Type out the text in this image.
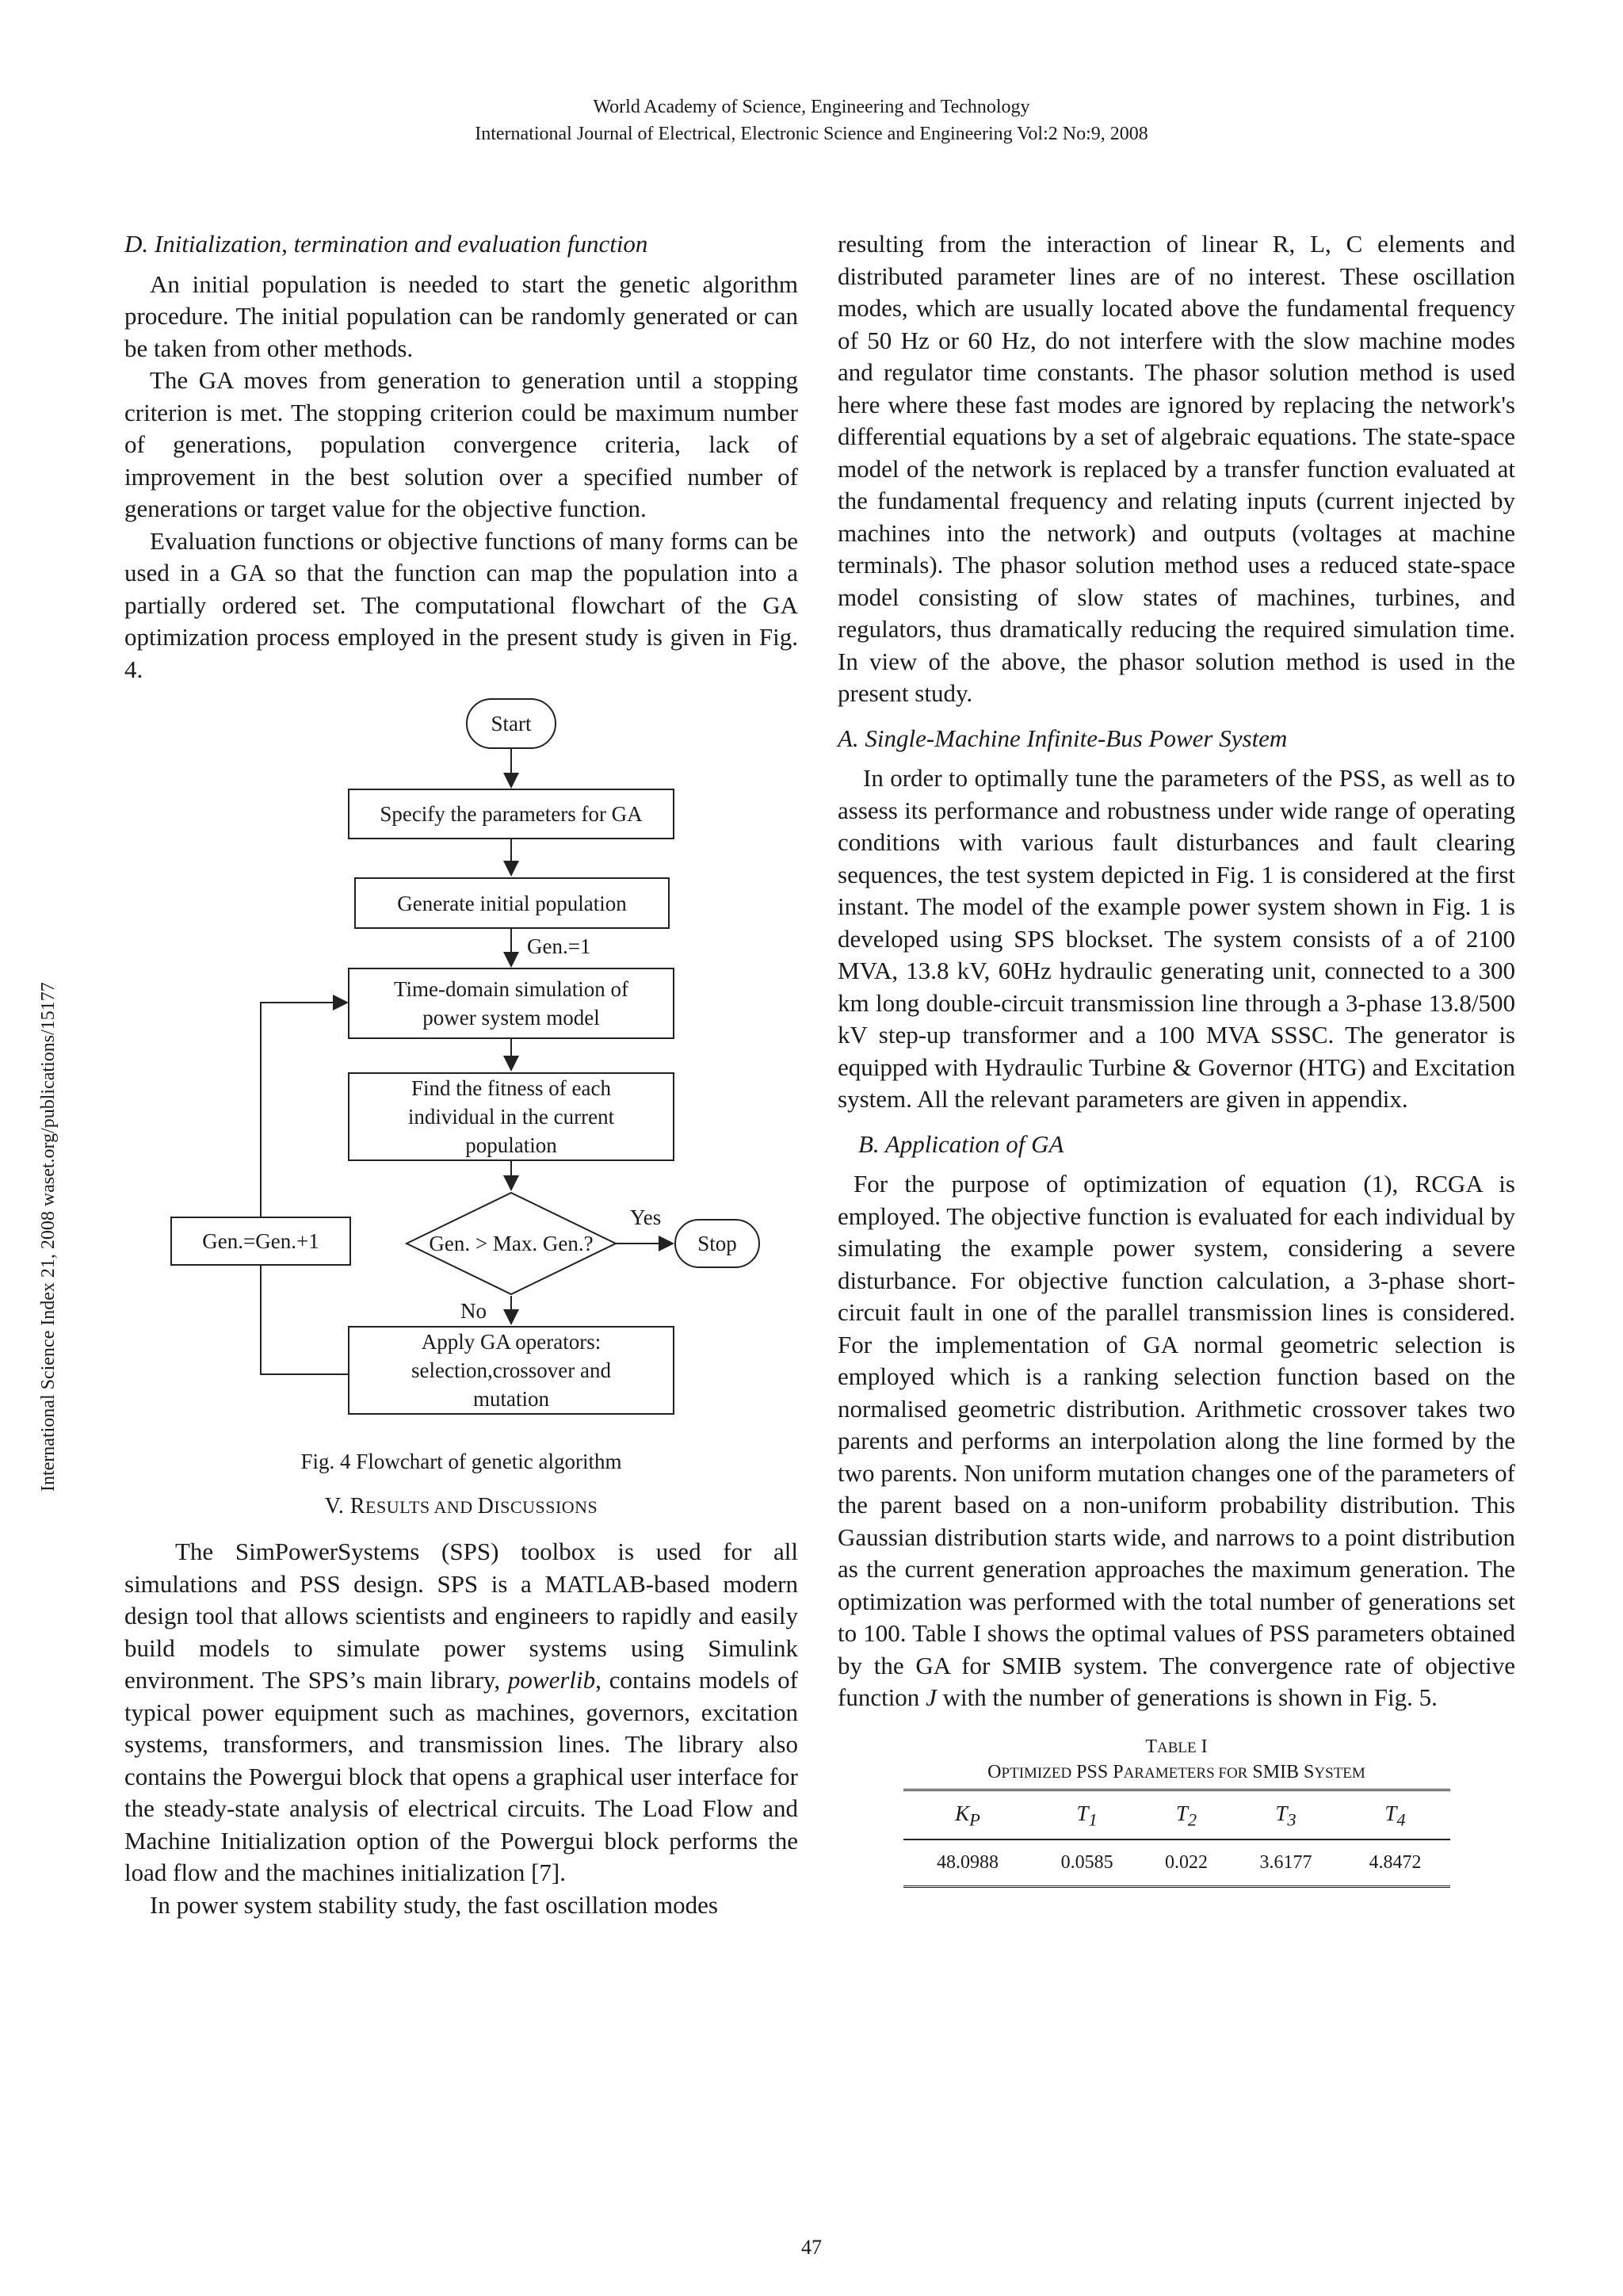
World Academy of Science, Engineering and Technology
International Journal of Electrical, Electronic Science and Engineering Vol:2 No:9, 2008
International Science Index 21, 2008 waset.org/publications/15177

D. Initialization, termination and evaluation function

An initial population is needed to start the genetic algorithm procedure. The initial population can be randomly generated or can be taken from other methods.

The GA moves from generation to generation until a stopping criterion is met. The stopping criterion could be maximum number of generations, population convergence criteria, lack of improvement in the best solution over a specified number of generations or target value for the objective function.

Evaluation functions or objective functions of many forms can be used in a GA so that the function can map the population into a partially ordered set. The computational flowchart of the GA optimization process employed in the present study is given in Fig. 4.

Start
Specify the parameters for GA
Generate initial population
Gen.=1
Time-domain simulation of
power system model
Find the fitness of each
individual in the current
population
Gen. > Max. Gen.?
Yes
Stop
Gen.=Gen.+1
No
Apply GA operators:
selection,crossover and
mutation

Fig. 4 Flowchart of genetic algorithm

V. RESULTS AND DISCUSSIONS

The SimPowerSystems (SPS) toolbox is used for all simulations and PSS design. SPS is a MATLAB-based modern design tool that allows scientists and engineers to rapidly and easily build models to simulate power systems using Simulink environment. The SPS’s main library, powerlib, contains models of typical power equipment such as machines, governors, excitation systems, transformers, and transmission lines. The library also contains the Powergui block that opens a graphical user interface for the steady-state analysis of electrical circuits. The Load Flow and Machine Initialization option of the Powergui block performs the load flow and the machines initialization [7].

In power system stability study, the fast oscillation modes

resulting from the interaction of linear R, L, C elements and distributed parameter lines are of no interest. These oscillation modes, which are usually located above the fundamental frequency of 50 Hz or 60 Hz, do not interfere with the slow machine modes and regulator time constants. The phasor solution method is used here where these fast modes are ignored by replacing the network's differential equations by a set of algebraic equations. The state-space model of the network is replaced by a transfer function evaluated at the fundamental frequency and relating inputs (current injected by machines into the network) and outputs (voltages at machine terminals). The phasor solution method uses a reduced state-space model consisting of slow states of machines, turbines, and regulators, thus dramatically reducing the required simulation time. In view of the above, the phasor solution method is used in the present study.

A. Single-Machine Infinite-Bus Power System

In order to optimally tune the parameters of the PSS, as well as to assess its performance and robustness under wide range of operating conditions with various fault disturbances and fault clearing sequences, the test system depicted in Fig. 1 is considered at the first instant. The model of the example power system shown in Fig. 1 is developed using SPS blockset. The system consists of a of 2100 MVA, 13.8 kV, 60Hz hydraulic generating unit, connected to a 300 km long double-circuit transmission line through a 3-phase 13.8/500 kV step-up transformer and a 100 MVA SSSC. The generator is equipped with Hydraulic Turbine & Governor (HTG) and Excitation system. All the relevant parameters are given in appendix.

B. Application of GA

For the purpose of optimization of equation (1), RCGA is employed. The objective function is evaluated for each individual by simulating the example power system, considering a severe disturbance. For objective function calculation, a 3-phase short-circuit fault in one of the parallel transmission lines is considered. For the implementation of GA normal geometric selection is employed which is a ranking selection function based on the normalised geometric distribution. Arithmetic crossover takes two parents and performs an interpolation along the line formed by the two parents. Non uniform mutation changes one of the parameters of the parent based on a non-uniform probability distribution. This Gaussian distribution starts wide, and narrows to a point distribution as the current generation approaches the maximum generation. The optimization was performed with the total number of generations set to 100. Table I shows the optimal values of PSS parameters obtained by the GA for SMIB system. The convergence rate of objective function J with the number of generations is shown in Fig. 5.

TABLE I

OPTIMIZED PSS PARAMETERS FOR SMIB SYSTEM

$K_P$	$T_1$	$T_2$	$T_3$	$T_4$
48.0988	0.0585	0.022	3.6177	4.8472
47
